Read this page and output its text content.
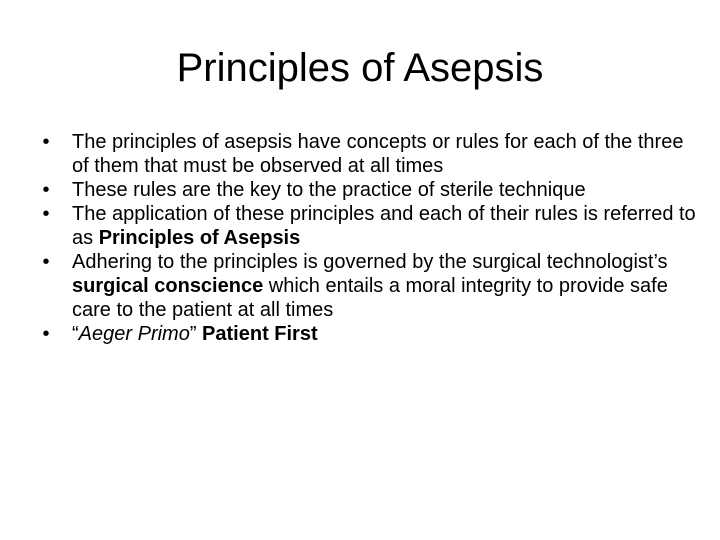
Principles of Asepsis
•	The principles of asepsis have concepts or rules for each of the three of them that must be observed at all times
•	These rules are the key to the practice of sterile technique
•	The application of these principles and each of their rules is referred to as Principles of Asepsis
•	Adhering to the principles is governed by the surgical technologist’s surgical conscience which entails a moral integrity to provide safe care to the patient at all times
•	“Aeger Primo” Patient First
